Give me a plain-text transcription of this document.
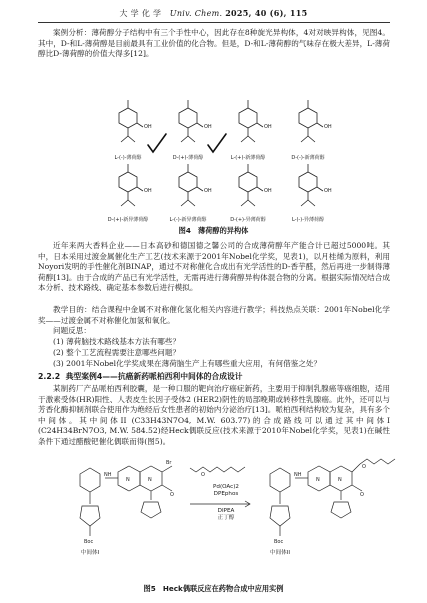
大 学 化 学 Univ. Chem. 2025, 40 (6), 115

案例分析：薄荷醇分子结构中有三个手性中心，因此存在8种旋光异构体，4对对映异构体，见图4。其中，D-和L-薄荷醇是目前最具有工业价值的化合物。但是，D-和L-薄荷醇的气味存在极大差异，L-薄荷醇比D-薄荷醇的价值大得多[12]。

OH	OH	OH	OH
OH	OH	OH	OH
L-(-)-薄荷醇	D-(+)-薄荷醇	L-(+)-新薄荷醇	D-(-)-新薄荷醇
D-(+)-新异薄荷醇	L-(-)-新异薄荷醇	D-(+)-异薄荷醇	L-(-)-异薄荷醇
图4　薄荷醇的异构体

近年来两大香料企业——日本高砂和德国德之馨公司的合成薄荷醇年产能合计已超过5000吨。其中，日本采用过渡金属催化生产工艺(技术来源于2001年Nobel化学奖，见表1)，以月桂烯为原料，利用Noyori发明的手性催化剂BINAP，通过不对称催化合成出有光学活性的D-香芋醛，然后再进一步制得薄荷醇[13]。由于合成的产品已有光学活性，无需再进行薄荷醇异构体混合物的分离。根据实际情况结合成本分析、技术路线、确定基本参数后进行模拟。

教学目的：结合课程中金属不对称催化氢化相关内容进行教学；科技热点关联：2001年Nobel化学奖——过渡金属不对称催化加氢和氧化。

问题反思：

(1) 薄荷脑技术路线基本方法有哪些？

(2) 整个工艺流程需要注意哪些问题？

(3) 2001年Nobel化学奖成果在薄荷脑生产上有哪些重大应用，有何借鉴之处？

2.2.2 典型案例4——抗癌新药哌柏西利中间体的合成设计

某制药厂产品哌柏西利胶囊，是一种口服的靶向治疗癌症新药，主要用于抑制乳腺癌等癌细胞，适用于激素受体(HR)阳性、人表皮生长因子受体2 (HER2)阴性的局部晚期或转移性乳腺癌。此外，还可以与芳香化酶抑制剂联合使用作为绝经后女性患者的初始内分泌治疗[13]。哌柏西利结构较为复杂，具有多个中间体。其中间体II (C33H43N7O4, M.W. 603.77)的合成路线可以通过其中间体I (C24H34BrN7O3, M.W. 584.52)经Heck偶联反应(技术来源于2010年Nobel化学奖，见表1)在碱性条件下通过醋酸钯催化偶联而得(图5)。

N	N
Br
O
NH
Boc
O
N	N
O
O
NH
Boc
Pd(OAc)2
DPEphos
DIPEA
正丁醇
中间体I	中间体II
图5　Heck偶联反应在药物合成中应用实例
